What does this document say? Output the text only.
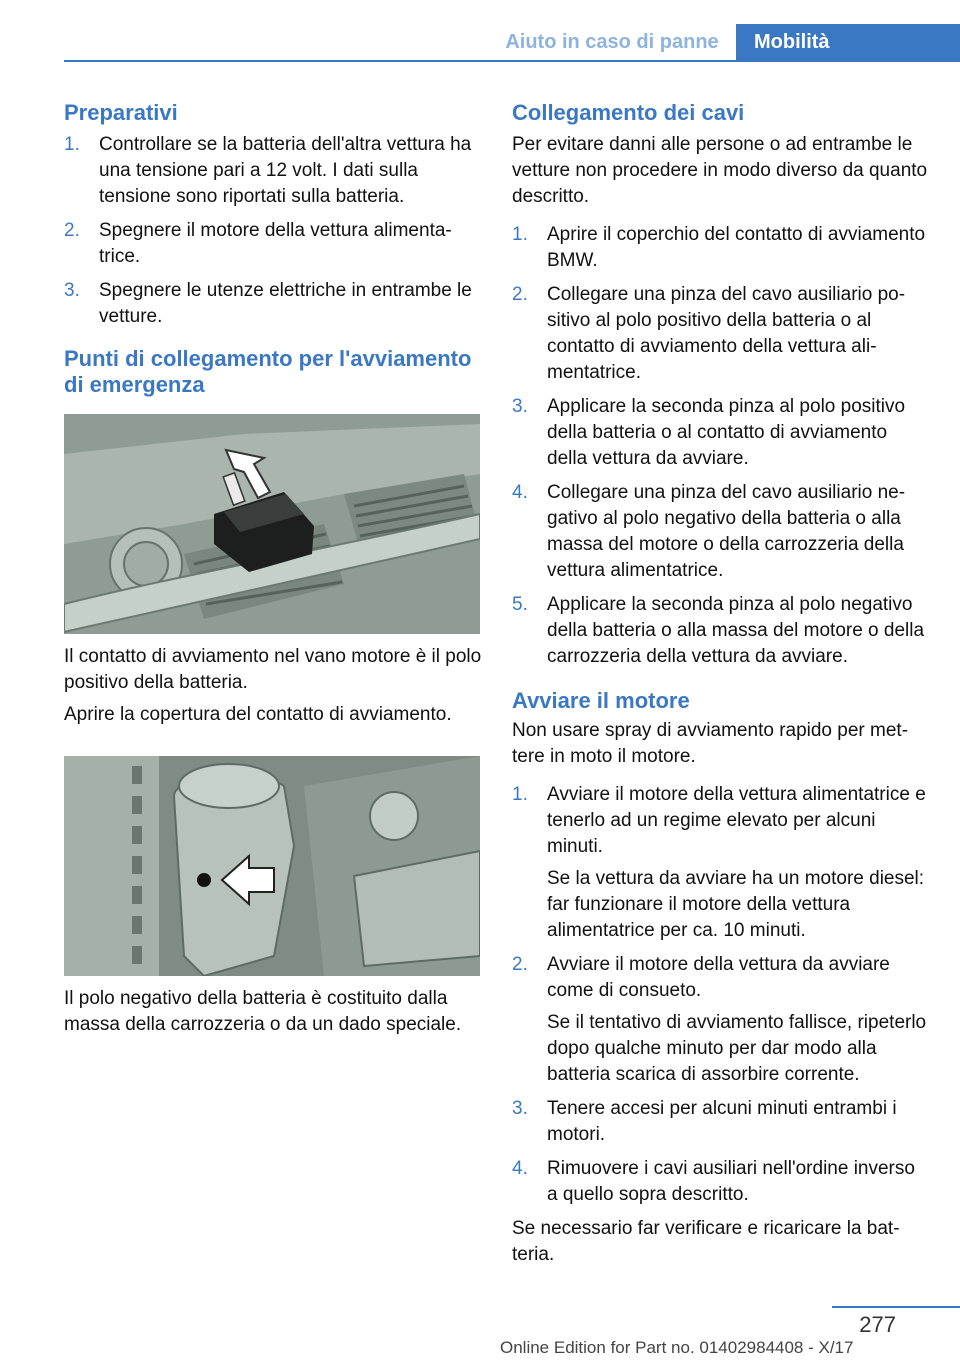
Aiuto in caso di panne	Mobilità
Preparativi
1. Controllare se la batteria dell'altra vettura ha una tensione pari a 12 volt. I dati sulla tensione sono riportati sulla batteria.
2. Spegnere il motore della vettura alimentatrice.
3. Spegnere le utenze elettriche in entrambe le vetture.
Punti di collegamento per l'avviamento di emergenza

Il contatto di avviamento nel vano motore è il polo positivo della batteria.

Aprire la copertura del contatto di avviamento.

Il polo negativo della batteria è costituito dalla massa della carrozzeria o da un dado speciale.

Collegamento dei cavi

Per evitare danni alle persone o ad entrambe le vetture non procedere in modo diverso da quanto descritto.

1. Aprire il coperchio del contatto di avviamento BMW.
2. Collegare una pinza del cavo ausiliario positivo al polo positivo della batteria o al contatto di avviamento della vettura alimentatrice.
3. Applicare la seconda pinza al polo positivo della batteria o al contatto di avviamento della vettura da avviare.
4. Collegare una pinza del cavo ausiliario negativo al polo negativo della batteria o alla massa del motore o della carrozzeria della vettura alimentatrice.
5. Applicare la seconda pinza al polo negativo della batteria o alla massa del motore o della carrozzeria della vettura da avviare.
Avviare il motore

Non usare spray di avviamento rapido per mettere in moto il motore.

1. Avviare il motore della vettura alimentatrice e tenerlo ad un regime elevato per alcuni minuti.
Se la vettura da avviare ha un motore diesel: far funzionare il motore della vettura alimentatrice per ca. 10 minuti.
2. Avviare il motore della vettura da avviare come di consueto.
Se il tentativo di avviamento fallisce, ripeterlo dopo qualche minuto per dar modo alla batteria scarica di assorbire corrente.
3. Tenere accesi per alcuni minuti entrambi i motori.
4. Rimuovere i cavi ausiliari nell'ordine inverso a quello sopra descritto.

Se necessario far verificare e ricaricare la batteria.

277
Online Edition for Part no. 01402984408 - X/17
